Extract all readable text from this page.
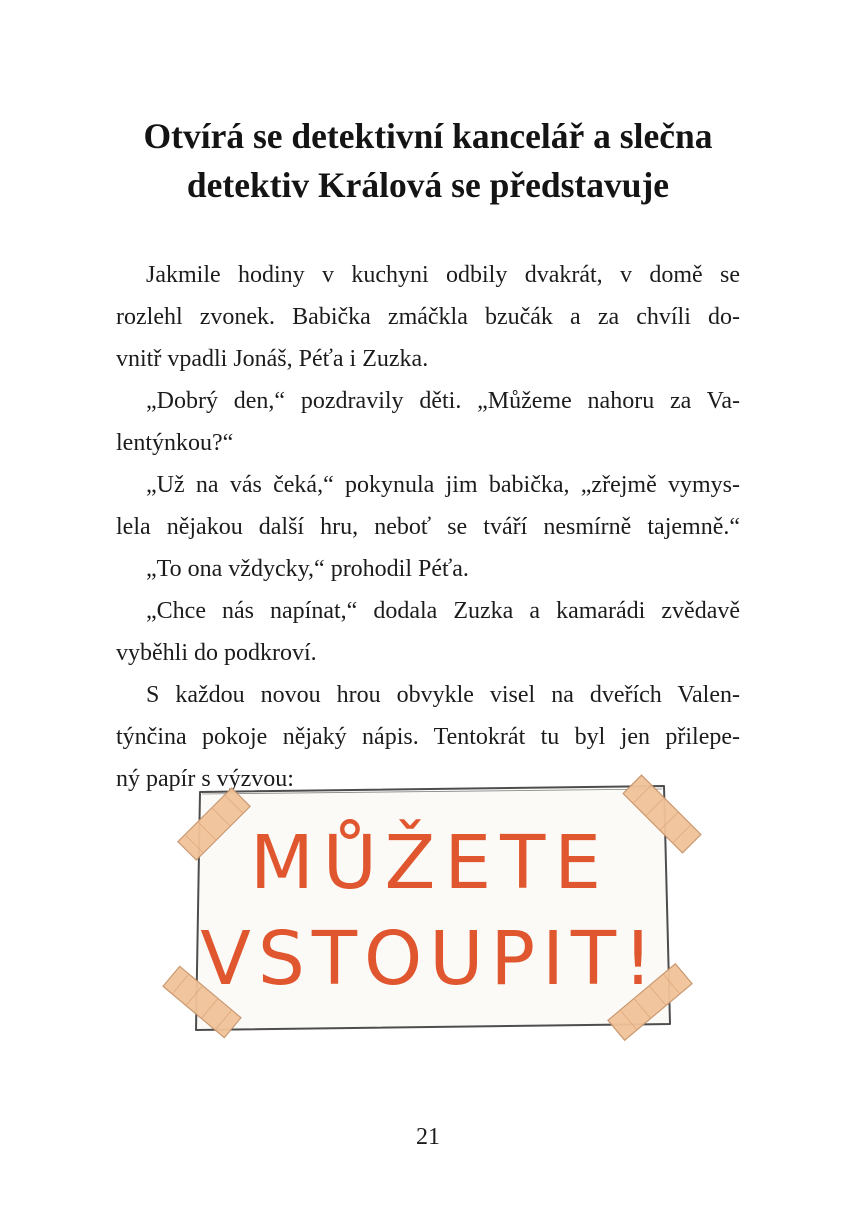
Otvírá se detektivní kancelář a slečna
detektiv Králová se představuje
Jakmile hodiny v kuchyni odbily dvakrát, v domě se
rozlehl zvonek. Babička zmáčkla bzučák a za chvíli do-
vnitř vpadli Jonáš, Péťa i Zuzka.
„Dobrý den,“ pozdravily děti. „Můžeme nahoru za Va-
lentýnkou?“
„Už na vás čeká,“ pokynula jim babička, „zřejmě vymys-
lela nějakou další hru, neboť se tváří nesmírně tajemně.“
„To ona vždycky,“ prohodil Péťa.
„Chce nás napínat,“ dodala Zuzka a kamarádi zvědavě
vyběhli do podkroví.
S každou novou hrou obvykle visel na dveřích Valen-
týnčina pokoje nějaký nápis. Tentokrát tu byl jen přilepe-
ný papír s výzvou:
MŮŽETE
VSTOUPIT!
21
